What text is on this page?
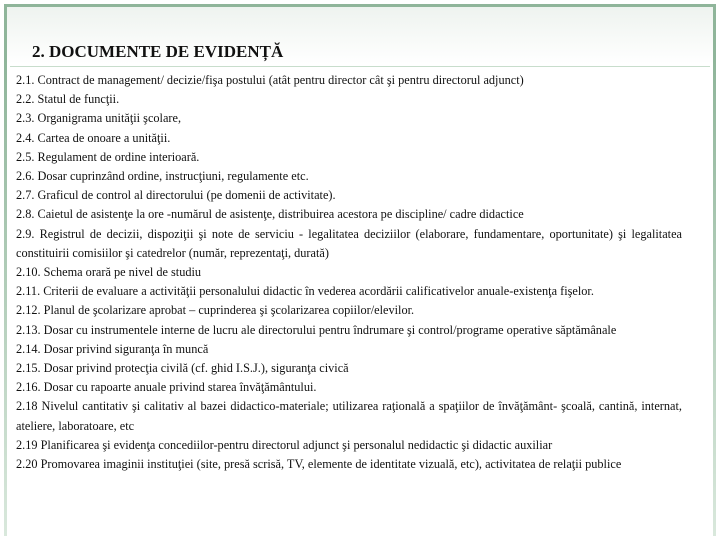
2. DOCUMENTE DE EVIDENȚĂ

2.1. Contract de management/ decizie/fişa postului (atât pentru director cât şi pentru directorul adjunct)

2.2. Statul de funcţii.

2.3. Organigrama unităţii şcolare,

2.4. Cartea de onoare a unităţii.

2.5. Regulament de ordine interioară.

2.6. Dosar cuprinzând ordine, instrucţiuni, regulamente etc.

2.7. Graficul de control al directorului (pe domenii de activitate).

2.8. Caietul de asistenţe la ore -numărul de asistenţe, distribuirea acestora pe discipline/ cadre didactice

2.9. Registrul de decizii, dispoziţii şi note de serviciu - legalitatea deciziilor (elaborare, fundamentare, oportunitate) şi legalitatea constituirii comisiilor şi catedrelor (număr, reprezentaţi, durată)

2.10. Schema orară pe nivel de studiu

2.11. Criterii de evaluare a activităţii personalului didactic în vederea acordării calificativelor anuale-existenţa fişelor.

2.12. Planul de şcolarizare aprobat – cuprinderea şi şcolarizarea copiilor/elevilor.

2.13. Dosar cu instrumentele interne de lucru ale directorului pentru îndrumare şi control/programe operative săptămânale

2.14. Dosar privind siguranţa în muncă

2.15. Dosar privind protecţia civilă (cf. ghid I.S.J.), siguranţa civică

2.16. Dosar cu rapoarte anuale privind starea învăţământului.

2.18 Nivelul cantitativ şi calitativ al bazei didactico-materiale; utilizarea raţională a spaţiilor de învăţământ- şcoală, cantină, internat, ateliere, laboratoare, etc

2.19 Planificarea şi evidenţa concediilor-pentru directorul adjunct şi personalul nedidactic şi didactic auxiliar

2.20 Promovarea imaginii instituţiei (site, presă scrisă, TV, elemente de identitate vizuală, etc), activitatea de relaţii publice
